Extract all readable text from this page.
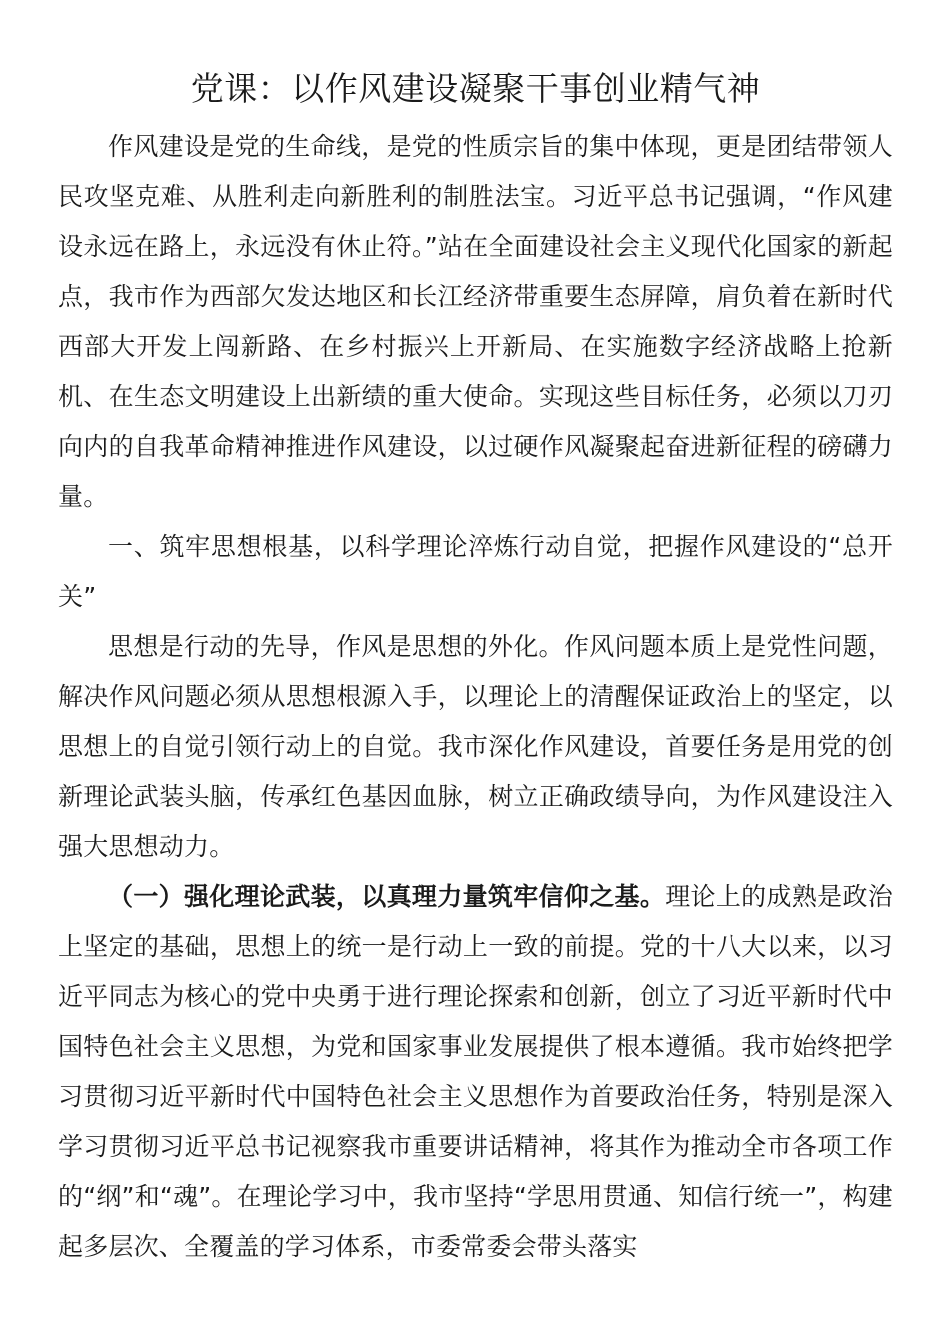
党课：以作风建设凝聚干事创业精气神

作风建设是党的生命线，是党的性质宗旨的集中体现，更是团结带领人民攻坚克难、从胜利走向新胜利的制胜法宝。习近平总书记强调，“作风建设永远在路上，永远没有休止符。”站在全面建设社会主义现代化国家的新起点，我市作为西部欠发达地区和长江经济带重要生态屏障，肩负着在新时代西部大开发上闯新路、在乡村振兴上开新局、在实施数字经济战略上抢新机、在生态文明建设上出新绩的重大使命。实现这些目标任务，必须以刀刃向内的自我革命精神推进作风建设，以过硬作风凝聚起奋进新征程的磅礴力量。

一、筑牢思想根基，以科学理论淬炼行动自觉，把握作风建设的“总开关”

思想是行动的先导，作风是思想的外化。作风问题本质上是党性问题，解决作风问题必须从思想根源入手，以理论上的清醒保证政治上的坚定，以思想上的自觉引领行动上的自觉。我市深化作风建设，首要任务是用党的创新理论武装头脑，传承红色基因血脉，树立正确政绩导向，为作风建设注入强大思想动力。

（一）强化理论武装，以真理力量筑牢信仰之基。理论上的成熟是政治上坚定的基础，思想上的统一是行动上一致的前提。党的十八大以来，以习近平同志为核心的党中央勇于进行理论探索和创新，创立了习近平新时代中国特色社会主义思想，为党和国家事业发展提供了根本遵循。我市始终把学习贯彻习近平新时代中国特色社会主义思想作为首要政治任务，特别是深入学习贯彻习近平总书记视察我市重要讲话精神，将其作为推动全市各项工作的“纲”和“魂”。在理论学习中，我市坚持“学思用贯通、知信行统一”，构建起多层次、全覆盖的学习体系，市委常委会带头落实
